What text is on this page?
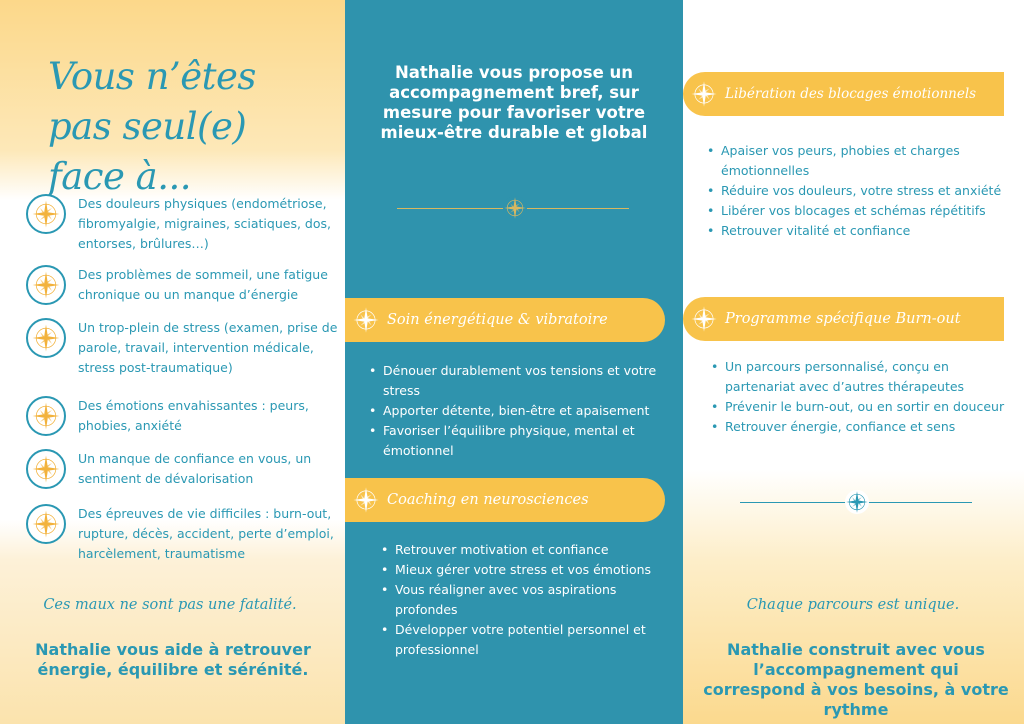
Vous n’êtes pas seul(e) face à...
Des douleurs physiques (endométriose, fibromyalgie, migraines, sciatiques, dos, entorses, brûlures…)
Des problèmes de sommeil, une fatigue chronique ou un manque d’énergie
Un trop-plein de stress (examen, prise de parole, travail, intervention médicale, stress post-traumatique)
Des émotions envahissantes : peurs, phobies, anxiété
Un manque de confiance en vous, un sentiment de dévalorisation
Des épreuves de vie difficiles : burn-out, rupture, décès, accident, perte d’emploi, harcèlement, traumatisme
Ces maux ne sont pas une fatalité.
Nathalie vous aide à retrouver énergie, équilibre et sérénité.
Nathalie vous propose un accompagnement bref, sur mesure pour favoriser votre mieux-être durable et global
Soin énergétique & vibratoire
• Dénouer durablement vos tensions et votre stress
• Apporter détente, bien-être et apaisement
• Favoriser l’équilibre physique, mental et émotionnel
Coaching en neurosciences
• Retrouver motivation et confiance
• Mieux gérer votre stress et vos émotions
• Vous réaligner avec vos aspirations profondes
• Développer votre potentiel personnel et professionnel
Libération des blocages émotionnels
• Apaiser vos peurs, phobies et charges émotionnelles
• Réduire vos douleurs, votre stress et anxiété
• Libérer vos blocages et schémas répétitifs
• Retrouver vitalité et confiance
Programme spécifique Burn-out
• Un parcours personnalisé, conçu en partenariat avec d’autres thérapeutes
• Prévenir le burn-out, ou en sortir en douceur
• Retrouver énergie, confiance et sens
Chaque parcours est unique.
Nathalie construit avec vous l’accompagnement qui correspond à vos besoins, à votre rythme
